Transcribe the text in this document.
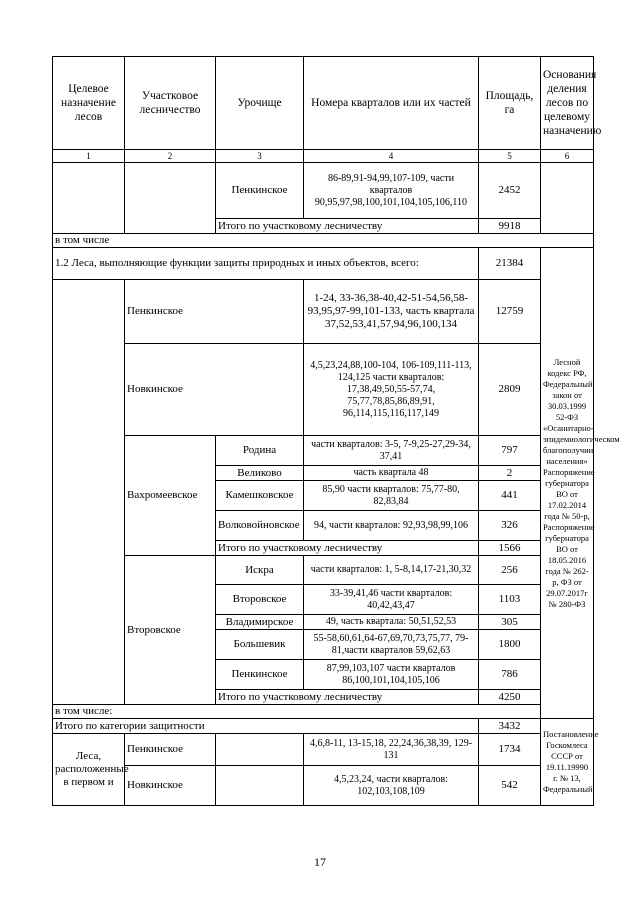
Целевое назначение лесов	Участковое лесничество	Урочище	Номера кварталов или их частей	Площадь, га	Основания деления лесов по целевому назначению
1	2	3	4	5	6
		Пенкинское	86-89,91-94,99,107-109, части кварталов 90,95,97,98,100,101,104,105,106,110	2452	
		Итого по участковому лесничеству		9918	
в том числе					
1.2 Леса, выполняющие функции защиты природных и иных объектов, всего:				21384	Лесной кодекс РФ, Федеральный закон от 30.03.1999 52-ФЗ «Осанитарно-эпидемиологическом благополучии населения» Распоряжение губернатора ВО от 17.02.2014 года № 50-р, Распоряжение губернатора ВО от 18.05.2016 года № 262-р, ФЗ от 29.07.2017г № 280-ФЗ
	Пенкинское		1-24, 33-36,38-40,42-51-54,56,58-93,95,97-99,101-133, часть квартала 37,52,53,41,57,94,96,100,134	12759	
	Новкинское		4,5,23,24,88,100-104, 106-109,111-113, 124,125 части кварталов: 17,38,49,50,55-57,74, 75,77,78,85,86,89,91, 96,114,115,116,117,149	2809	
	Вахромеевское	Родина	части кварталов: 3-5, 7-9,25-27,29-34, 37,41	797	
		Великово	часть квартала 48	2	
		Камешковское	85,90 части кварталов: 75,77-80, 82,83,84	441	
		Волковойновское	94, части кварталов: 92,93,98,99,106	326	
		Итого по участковому лесничеству		1566	
	Второвское	Искра	части кварталов: 1, 5-8,14,17-21,30,32	256	
		Второвское	33-39,41,46 части кварталов: 40,42,43,47	1103	
		Владимирское	49, часть квартала: 50,51,52,53	305	
		Большевик	55-58,60,61,64-67,69,70,73,75,77, 79-81,части кварталов 59,62,63	1800	
		Пенкинское	87,99,103,107 части кварталов 86,100,101,104,105,106	786	
		Итого по участковому лесничеству		4250	
в том числе:					
Итого по категории защитности				3432	Постановление Госкомлеса СССР от 19.11.19990 г. № 13, Федеральный
Леса, расположенные в первом и	Пенкинское		4,6,8-11, 13-15,18, 22,24,36,38,39, 129-131	1734	
	Новкинское		4,5,23,24, части кварталов: 102,103,108,109	542	
17
